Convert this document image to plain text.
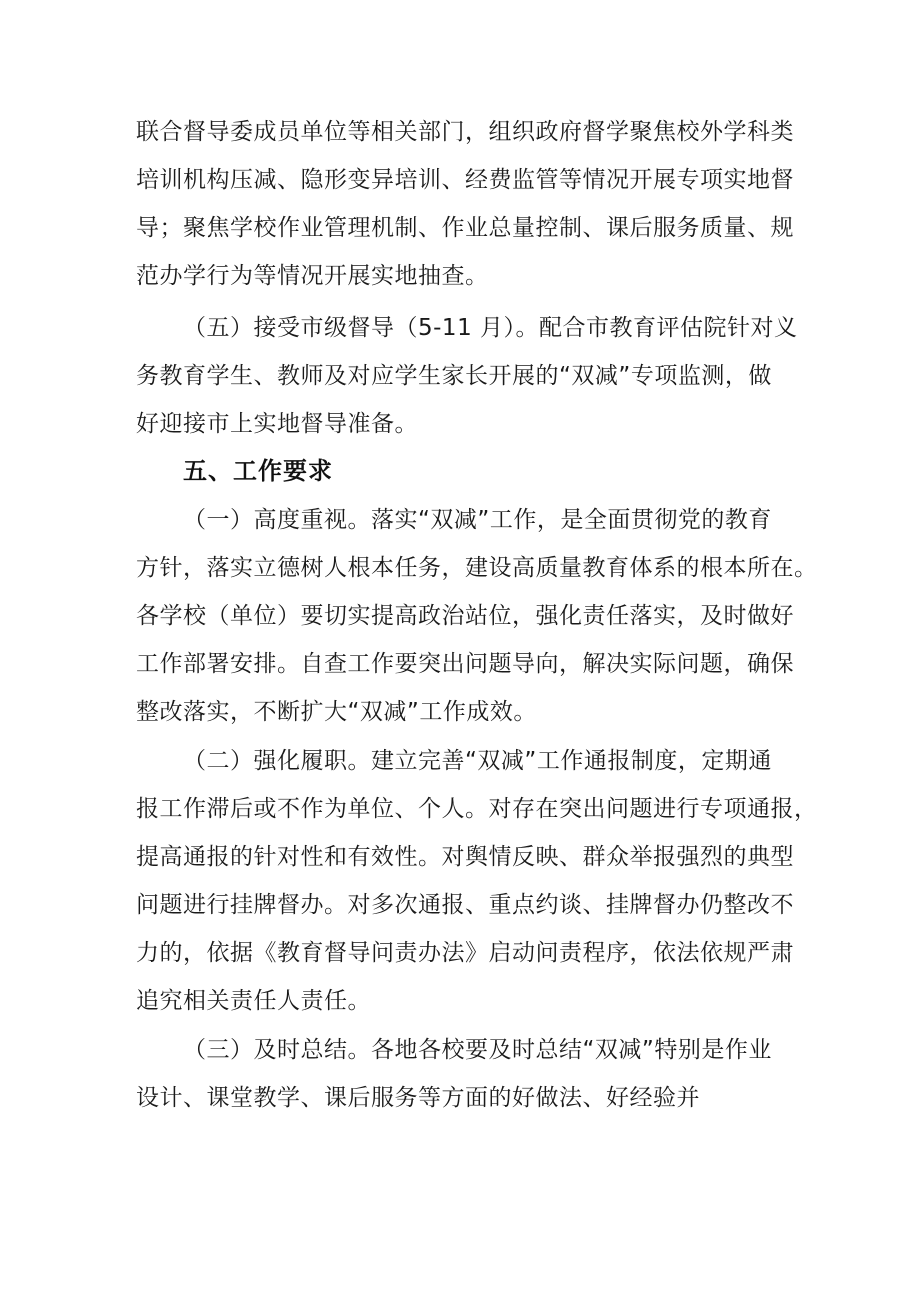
联合督导委成员单位等相关部门，组织政府督学聚焦校外学科类
培训机构压减、隐形变异培训、经费监管等情况开展专项实地督
导；聚焦学校作业管理机制、作业总量控制、课后服务质量、规
范办学行为等情况开展实地抽查。
（五）接受市级督导（5-11 月）。配合市教育评估院针对义
务教育学生、教师及对应学生家长开展的“双减”专项监测，做
好迎接市上实地督导准备。
五、工作要求
（一）高度重视。落实“双减”工作，是全面贯彻党的教育
方针，落实立德树人根本任务，建设高质量教育体系的根本所在。
各学校（单位）要切实提高政治站位，强化责任落实，及时做好
工作部署安排。自查工作要突出问题导向，解决实际问题，确保
整改落实，不断扩大“双减”工作成效。
（二）强化履职。建立完善“双减”工作通报制度，定期通
报工作滞后或不作为单位、个人。对存在突出问题进行专项通报，
提高通报的针对性和有效性。对舆情反映、群众举报强烈的典型
问题进行挂牌督办。对多次通报、重点约谈、挂牌督办仍整改不
力的，依据《教育督导问责办法》启动问责程序，依法依规严肃
追究相关责任人责任。
（三）及时总结。各地各校要及时总结“双减”特别是作业
设计、课堂教学、课后服务等方面的好做法、好经验并
